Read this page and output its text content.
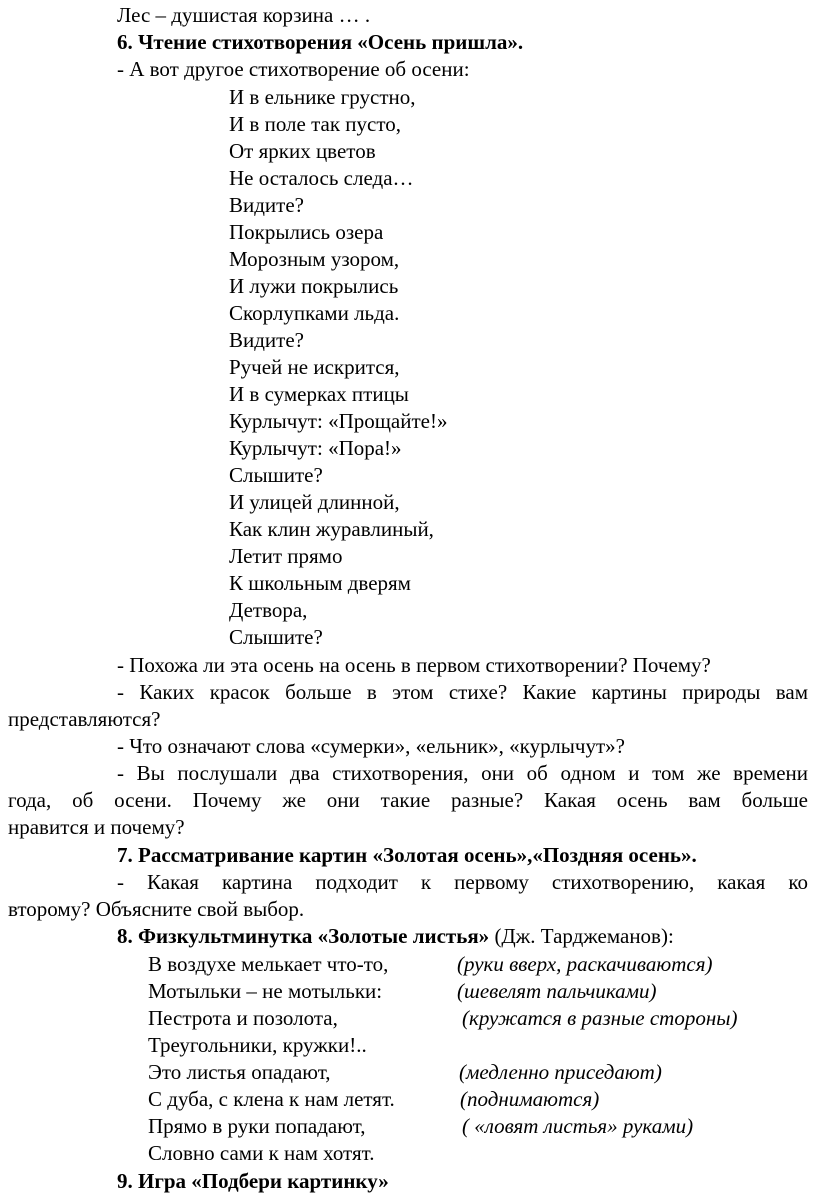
Лес – душистая корзина … .
6. Чтение стихотворения «Осень пришла».
- А вот другое стихотворение об осени:
И в ельнике грустно,
И в поле так пусто,
От ярких цветов
Не осталось следа…
Видите?
Покрылись озера
Морозным узором,
И лужи покрылись
Скорлупками льда.
Видите?
Ручей не искрится,
И в сумерках птицы
Курлычут: «Прощайте!»
Курлычут: «Пора!»
Слышите?
И улицей длинной,
Как клин журавлиный,
Летит прямо
К школьным дверям
Детвора,
Слышите?
- Похожа ли эта осень на осень в первом стихотворении? Почему?
- Каких красок больше в этом стихе? Какие картины природы вам
представляются?
- Что означают слова «сумерки», «ельник», «курлычут»?
- Вы послушали два стихотворения, они об одном и том же времени
года, об осени. Почему же они такие разные? Какая осень вам больше
нравится и почему?
7. Рассматривание картин «Золотая осень»,«Поздняя осень».
- Какая картина подходит к первому стихотворению, какая ко
второму? Объясните свой выбор.
8. Физкультминутка «Золотые листья» (Дж. Тарджеманов):
В воздухе мелькает что-то,	(руки вверх, раскачиваются)
Мотыльки – не мотыльки:	(шевелят пальчиками)
Пестрота и позолота,	(кружатся в разные стороны)
Треугольники, кружки!..
Это листья опадают,	(медленно приседают)
С дуба, с клена к нам летят.	(поднимаются)
Прямо в руки попадают,	( «ловят листья» руками)
Словно сами к нам хотят.
9. Игра «Подбери картинку»
